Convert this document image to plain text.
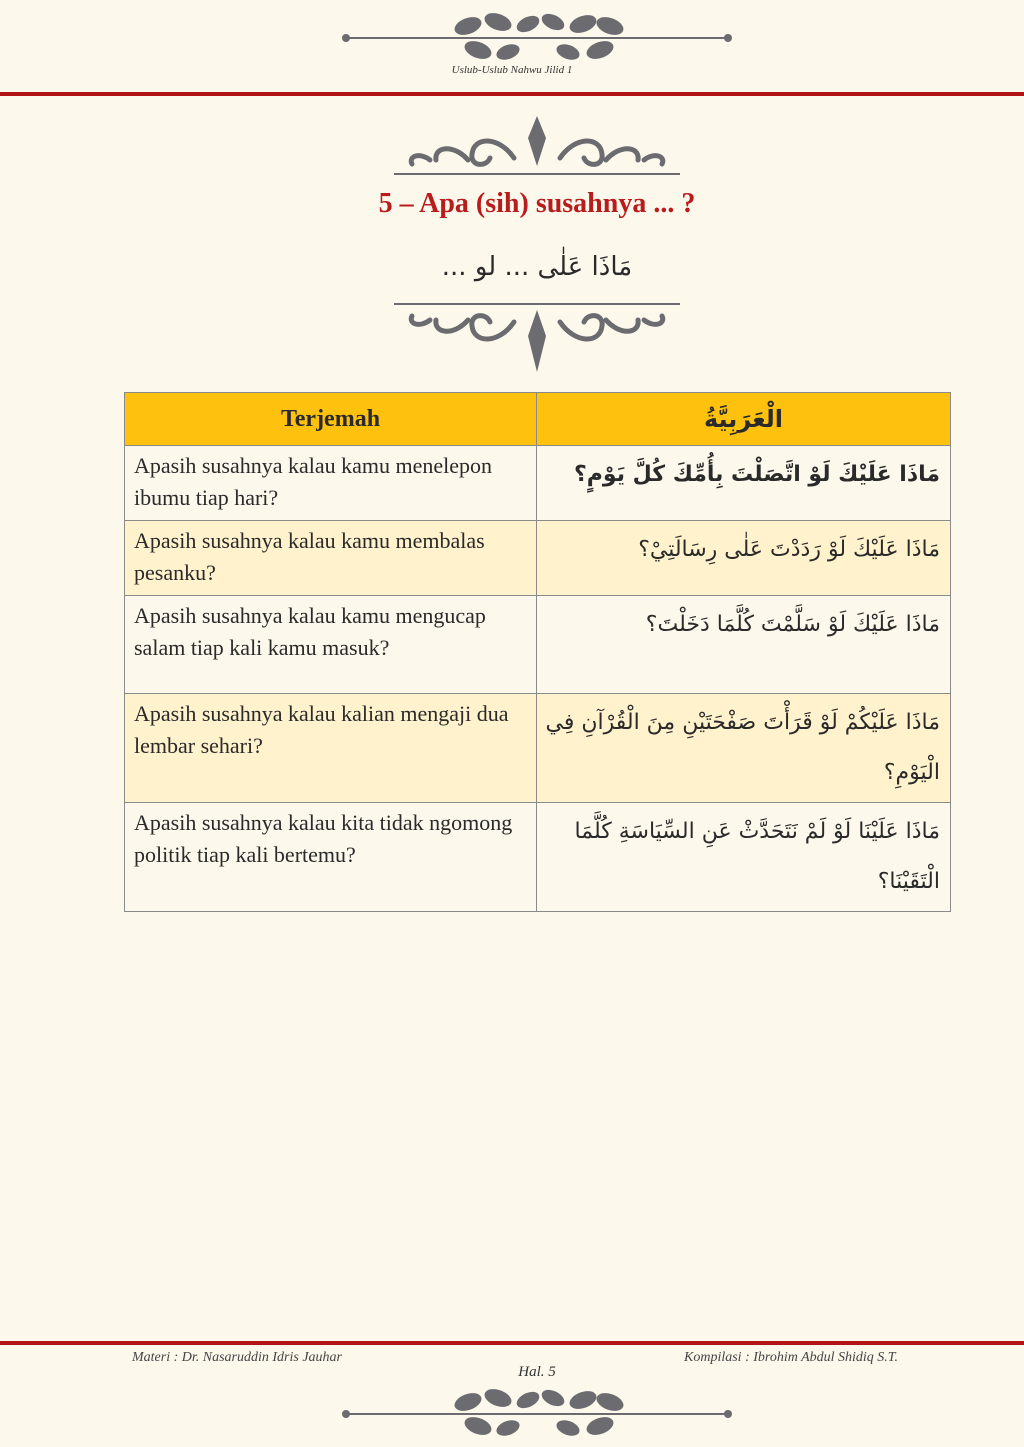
Uslub-Uslub Nahwu Jilid 1
5 – Apa (sih) susahnya ... ?
مَاذَا عَلٰى ... لو ...
Terjemah	الْعَرَبِيَّةُ
Apasih susahnya kalau kamu menelepon ibumu tiap hari?	مَاذَا عَلَيْكَ لَوْ اتَّصَلْتَ بِأُمِّكَ كُلَّ يَوْمٍ؟
Apasih susahnya kalau kamu membalas pesanku?	مَاذَا عَلَيْكَ لَوْ رَدَدْتَ عَلٰى رِسَالَتِيْ؟
Apasih susahnya kalau kamu mengucap salam tiap kali kamu masuk?	مَاذَا عَلَيْكَ لَوْ سَلَّمْتَ كُلَّمَا دَخَلْتَ؟
Apasih susahnya kalau kalian mengaji dua lembar sehari?	مَاذَا عَلَيْكُمْ لَوْ قَرَأْتَ صَفْحَتَيْنِ مِنَ الْقُرْآنِ فِي الْيَوْمِ؟
Apasih susahnya kalau kita tidak ngomong politik tiap kali bertemu?	مَاذَا عَلَيْنَا لَوْ لَمْ نَتَحَدَّثْ عَنِ السِّيَاسَةِ كُلَّمَا الْتَقَيْنَا؟
Materi : Dr. Nasaruddin Idris Jauhar	Kompilasi : Ibrohim Abdul Shidiq S.T.
Hal. 5
